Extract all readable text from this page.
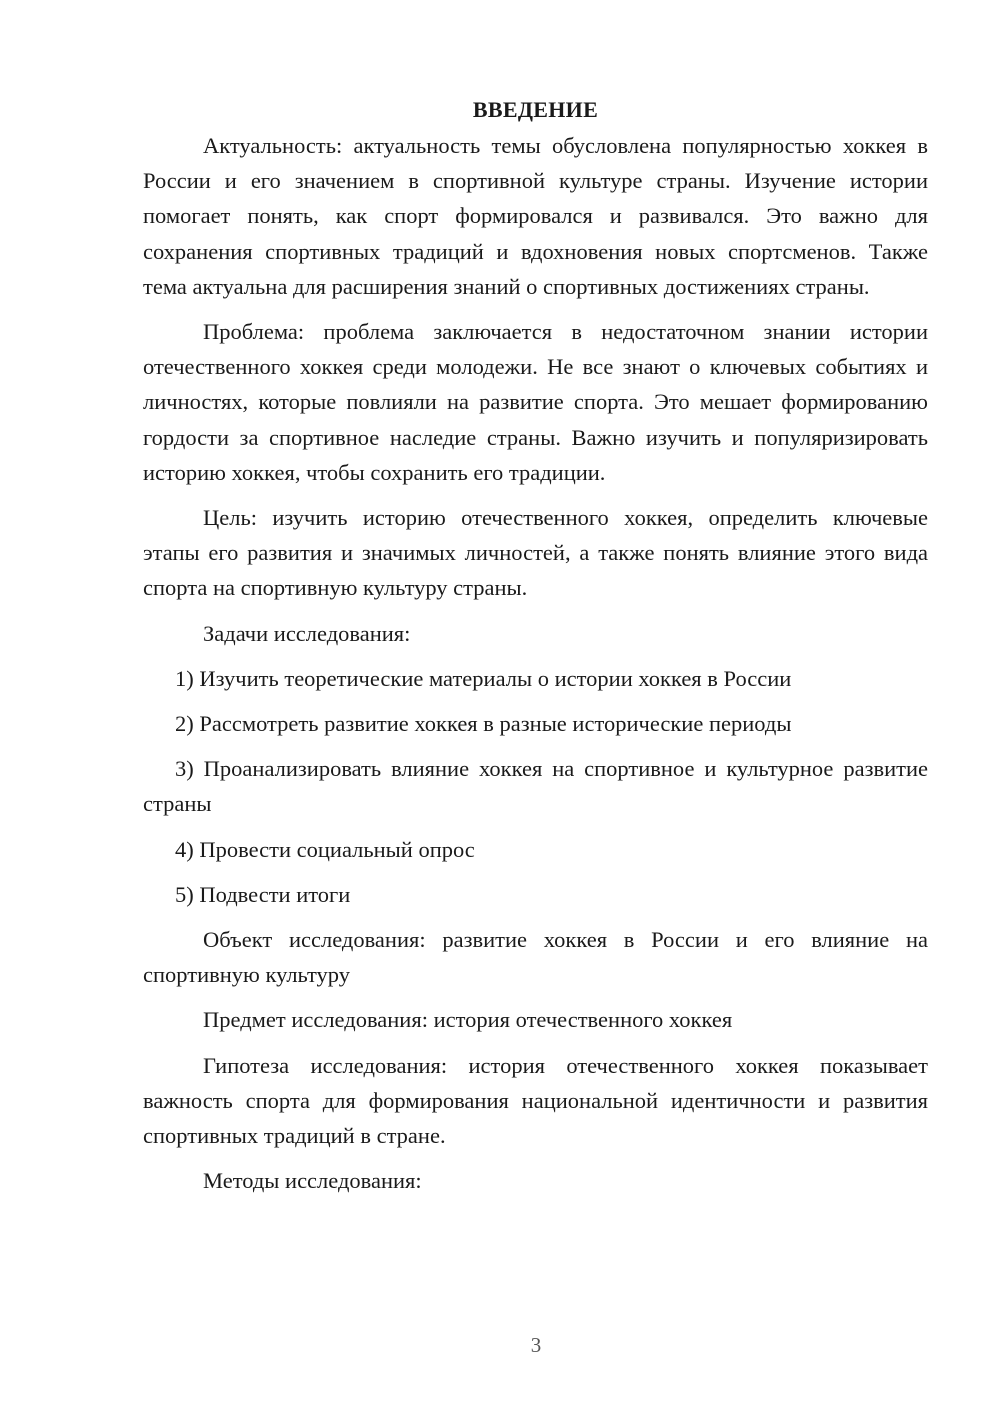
ВВЕДЕНИЕ

Актуальность: актуальность темы обусловлена популярностью хоккея в России и его значением в спортивной культуре страны. Изучение истории помогает понять, как спорт формировался и развивался. Это важно для сохранения спортивных традиций и вдохновения новых спортсменов. Также тема актуальна для расширения знаний о спортивных достижениях страны.

Проблема: проблема заключается в недостаточном знании истории отечественного хоккея среди молодежи. Не все знают о ключевых событиях и личностях, которые повлияли на развитие спорта. Это мешает формированию гордости за спортивное наследие страны. Важно изучить и популяризировать историю хоккея, чтобы сохранить его традиции.

Цель: изучить историю отечественного хоккея, определить ключевые этапы его развития и значимых личностей, а также понять влияние этого вида спорта на спортивную культуру страны.

Задачи исследования:

1) Изучить теоретические материалы о истории хоккея в России

2) Рассмотреть развитие хоккея в разные исторические периоды

3) Проанализировать влияние хоккея на спортивное и культурное развитие страны

4) Провести социальный опрос

5) Подвести итоги

Объект исследования: развитие хоккея в России и его влияние на спортивную культуру

Предмет исследования: история отечественного хоккея

Гипотеза исследования: история отечественного хоккея показывает важность спорта для формирования национальной идентичности и развития спортивных традиций в стране.

Методы исследования:

3
